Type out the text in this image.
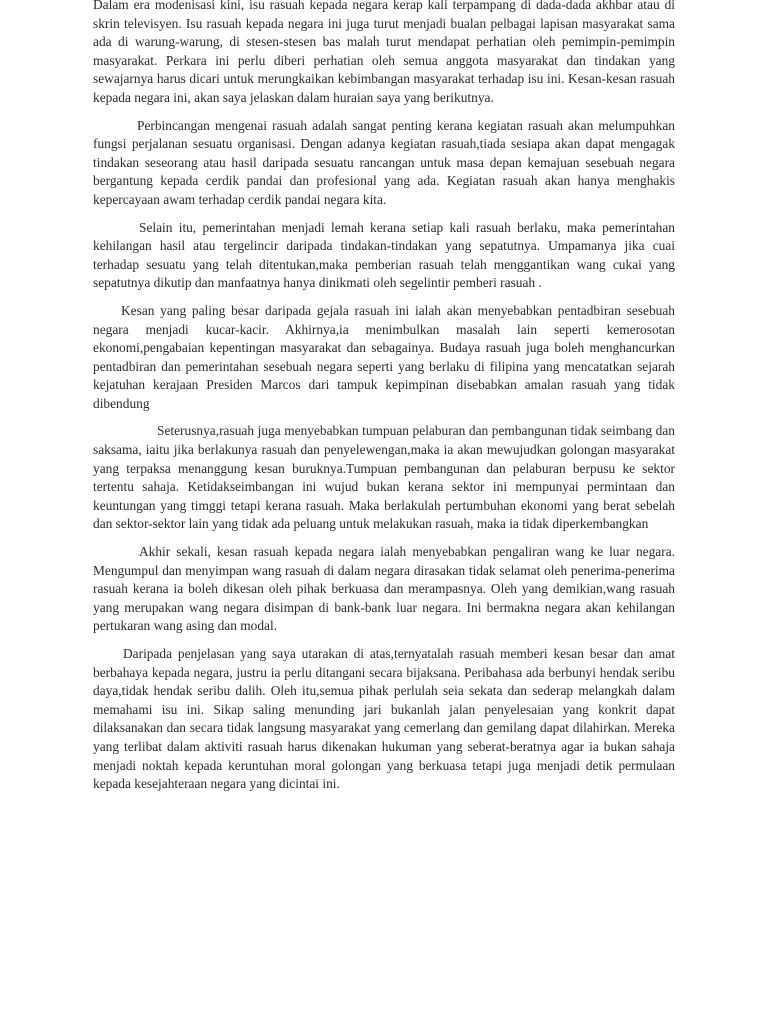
Dalam era modenisasi kini, isu rasuah kepada negara kerap kali terpampang di dada-dada akhbar atau di skrin televisyen. Isu rasuah kepada negara ini juga turut menjadi bualan pelbagai lapisan masyarakat sama ada di warung-warung, di stesen-stesen bas malah turut mendapat perhatian oleh pemimpin-pemimpin masyarakat. Perkara ini perlu diberi perhatian oleh semua anggota masyarakat dan tindakan yang sewajarnya harus dicari untuk merungkaikan kebimbangan masyarakat terhadap isu ini. Kesan-kesan rasuah kepada negara ini, akan saya jelaskan dalam huraian saya yang berikutnya.

Perbincangan mengenai rasuah adalah sangat penting kerana kegiatan rasuah akan melumpuhkan fungsi perjalanan sesuatu organisasi. Dengan adanya kegiatan rasuah,tiada sesiapa akan dapat mengagak tindakan seseorang atau hasil daripada sesuatu rancangan untuk masa depan kemajuan sesebuah negara bergantung kepada cerdik pandai dan profesional yang ada. Kegiatan rasuah akan hanya menghakis kepercayaan awam terhadap cerdik pandai negara kita.

Selain itu, pemerintahan menjadi lemah kerana setiap kali rasuah berlaku, maka pemerintahan kehilangan hasil atau tergelincir daripada tindakan-tindakan yang sepatutnya. Umpamanya jika cuai terhadap sesuatu yang telah ditentukan,maka pemberian rasuah telah menggantikan wang cukai yang sepatutnya dikutip dan manfaatnya hanya dinikmati oleh segelintir pemberi rasuah .

Kesan yang paling besar daripada gejala rasuah ini ialah akan menyebabkan pentadbiran sesebuah negara menjadi kucar-kacir. Akhirnya,ia menimbulkan masalah lain seperti kemerosotan ekonomi,pengabaian kepentingan masyarakat dan sebagainya. Budaya rasuah juga boleh menghancurkan pentadbiran dan pemerintahan sesebuah negara seperti yang berlaku di filipina yang mencatatkan sejarah kejatuhan kerajaan Presiden Marcos dari tampuk kepimpinan disebabkan amalan rasuah yang tidak dibendung

Seterusnya,rasuah juga menyebabkan tumpuan pelaburan dan pembangunan tidak seimbang dan saksama, iaitu jika berlakunya rasuah dan penyelewengan,maka ia akan mewujudkan golongan masyarakat yang terpaksa menanggung kesan buruknya.Tumpuan pembangunan dan pelaburan berpusu ke sektor tertentu sahaja. Ketidakseimbangan ini wujud bukan kerana sektor ini mempunyai permintaan dan keuntungan yang timggi tetapi kerana rasuah. Maka berlakulah pertumbuhan ekonomi yang berat sebelah dan sektor-sektor lain yang tidak ada peluang untuk melakukan rasuah, maka ia tidak diperkembangkan

Akhir sekali, kesan rasuah kepada negara ialah menyebabkan pengaliran wang ke luar negara. Mengumpul dan menyimpan wang rasuah di dalam negara dirasakan tidak selamat oleh penerima-penerima rasuah kerana ia boleh dikesan oleh pihak berkuasa dan merampasnya. Oleh yang demikian,wang rasuah yang merupakan wang negara disimpan di bank-bank luar negara. Ini bermakna negara akan kehilangan pertukaran wang asing dan modal.

Daripada penjelasan yang saya utarakan di atas,ternyatalah rasuah memberi kesan besar dan amat berbahaya kepada negara, justru ia perlu ditangani secara bijaksana. Peribahasa ada berbunyi hendak seribu daya,tidak hendak seribu dalih. Oleh itu,semua pihak perlulah seia sekata dan sederap melangkah dalam memahami isu ini. Sikap saling menunding jari bukanlah jalan penyelesaian yang konkrit dapat dilaksanakan dan secara tidak langsung masyarakat yang cemerlang dan gemilang dapat dilahirkan. Mereka yang terlibat dalam aktiviti rasuah harus dikenakan hukuman yang seberat-beratnya agar ia bukan sahaja menjadi noktah kepada keruntuhan moral golongan yang berkuasa tetapi juga menjadi detik permulaan kepada kesejahteraan negara yang dicintai ini.
